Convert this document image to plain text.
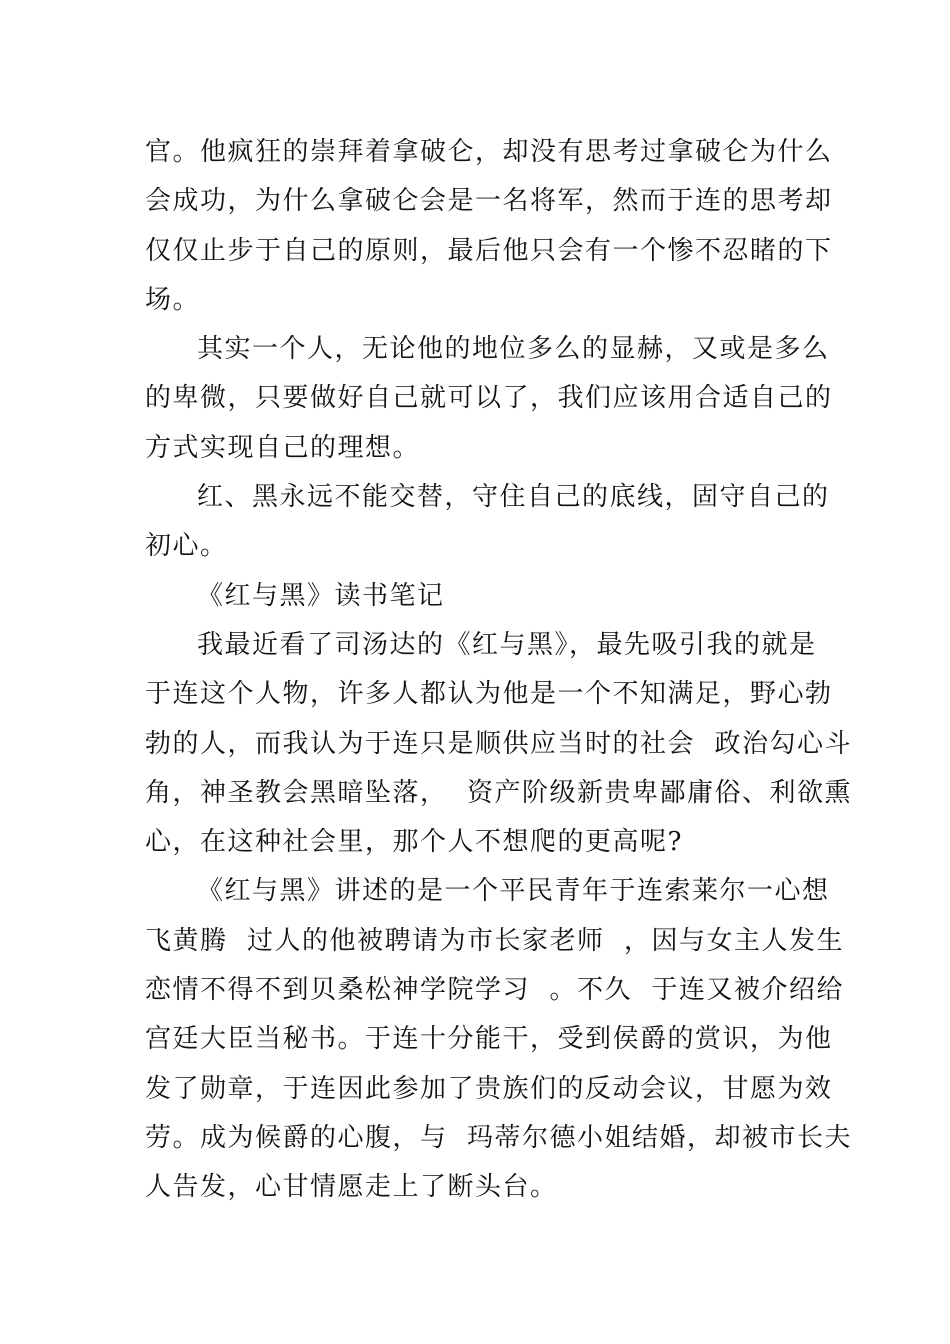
官。他疯狂的崇拜着拿破仑，却没有思考过拿破仑为什么
会成功，为什么拿破仑会是一名将军，然而于连的思考却
仅仅止步于自己的原则，最后他只会有一个惨不忍睹的下
场。

其实一个人，无论他的地位多么的显赫，又或是多么
的卑微，只要做好自己就可以了，我们应该用合适自己的
方式实现自己的理想。

红、黑永远不能交替，守住自己的底线，固守自己的
初心。

《红与黑》读书笔记

我最近看了司汤达的《红与黑》，最先吸引我的就是
于连这个人物，许多人都认为他是一个不知满足，野心勃
勃的人，而我认为于连只是顺供应当时的社会  政治勾心斗
角，神圣教会黑暗坠落，  资产阶级新贵卑鄙庸俗、利欲熏
心，在这种社会里，那个人不想爬的更高呢?

《红与黑》讲述的是一个平民青年于连索莱尔一心想
飞黄腾  过人的他被聘请为市长家老师  ，因与女主人发生
恋情不得不到贝桑松神学院学习  。不久  于连又被介绍给
宫廷大臣当秘书。于连十分能干，受到侯爵的赏识，为他
发了勋章，于连因此参加了贵族们的反动会议，甘愿为效
劳。成为候爵的心腹，与  玛蒂尔德小姐结婚，却被市长夫
人告发，心甘情愿走上了断头台。
